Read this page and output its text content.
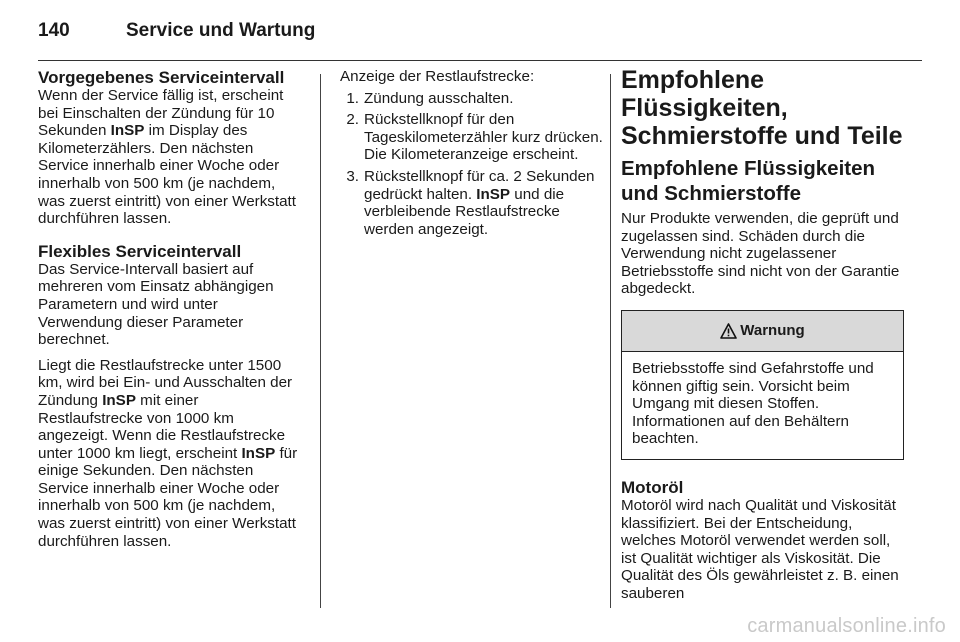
140	Service und Wartung
Vorgegebenes Serviceintervall

Wenn der Service fällig ist, erscheint bei Einschalten der Zündung für 10 Sekunden InSP im Display des Kilometerzählers. Den nächsten Service innerhalb einer Woche oder innerhalb von 500 km (je nachdem, was zuerst eintritt) von einer Werkstatt durchführen lassen.

Flexibles Serviceintervall

Das Service-Intervall basiert auf mehreren vom Einsatz abhängigen Parametern und wird unter Verwendung dieser Parameter berechnet.

Liegt die Restlaufstrecke unter 1500 km, wird bei Ein- und Ausschalten der Zündung InSP mit einer Restlaufstrecke von 1000 km angezeigt. Wenn die Restlaufstrecke unter 1000 km liegt, erscheint InSP für einige Sekunden. Den nächsten Service innerhalb einer Woche oder innerhalb von 500 km (je nachdem, was zuerst eintritt) von einer Werkstatt durchführen lassen.

Anzeige der Restlaufstrecke:

1. Zündung ausschalten.
2. Rückstellknopf für den Tageskilometerzähler kurz drücken. Die Kilometeranzeige erscheint.
3. Rückstellknopf für ca. 2 Sekunden gedrückt halten. InSP und die verbleibende Restlaufstrecke werden angezeigt.
Empfohlene Flüssigkeiten, Schmierstoffe und Teile
Empfohlene Flüssigkeiten und Schmierstoffe

Nur Produkte verwenden, die geprüft und zugelassen sind. Schäden durch die Verwendung nicht zugelassener Betriebsstoffe sind nicht von der Garantie abgedeckt.

Warnung
Betriebsstoffe sind Gefahrstoffe und können giftig sein. Vorsicht beim Umgang mit diesen Stoffen. Informationen auf den Behältern beachten.
Motoröl

Motoröl wird nach Qualität und Viskosität klassifiziert. Bei der Entscheidung, welches Motoröl verwendet werden soll, ist Qualität wichtiger als Viskosität. Die Qualität des Öls gewährleistet z. B. einen sauberen

carmanualsonline.info
